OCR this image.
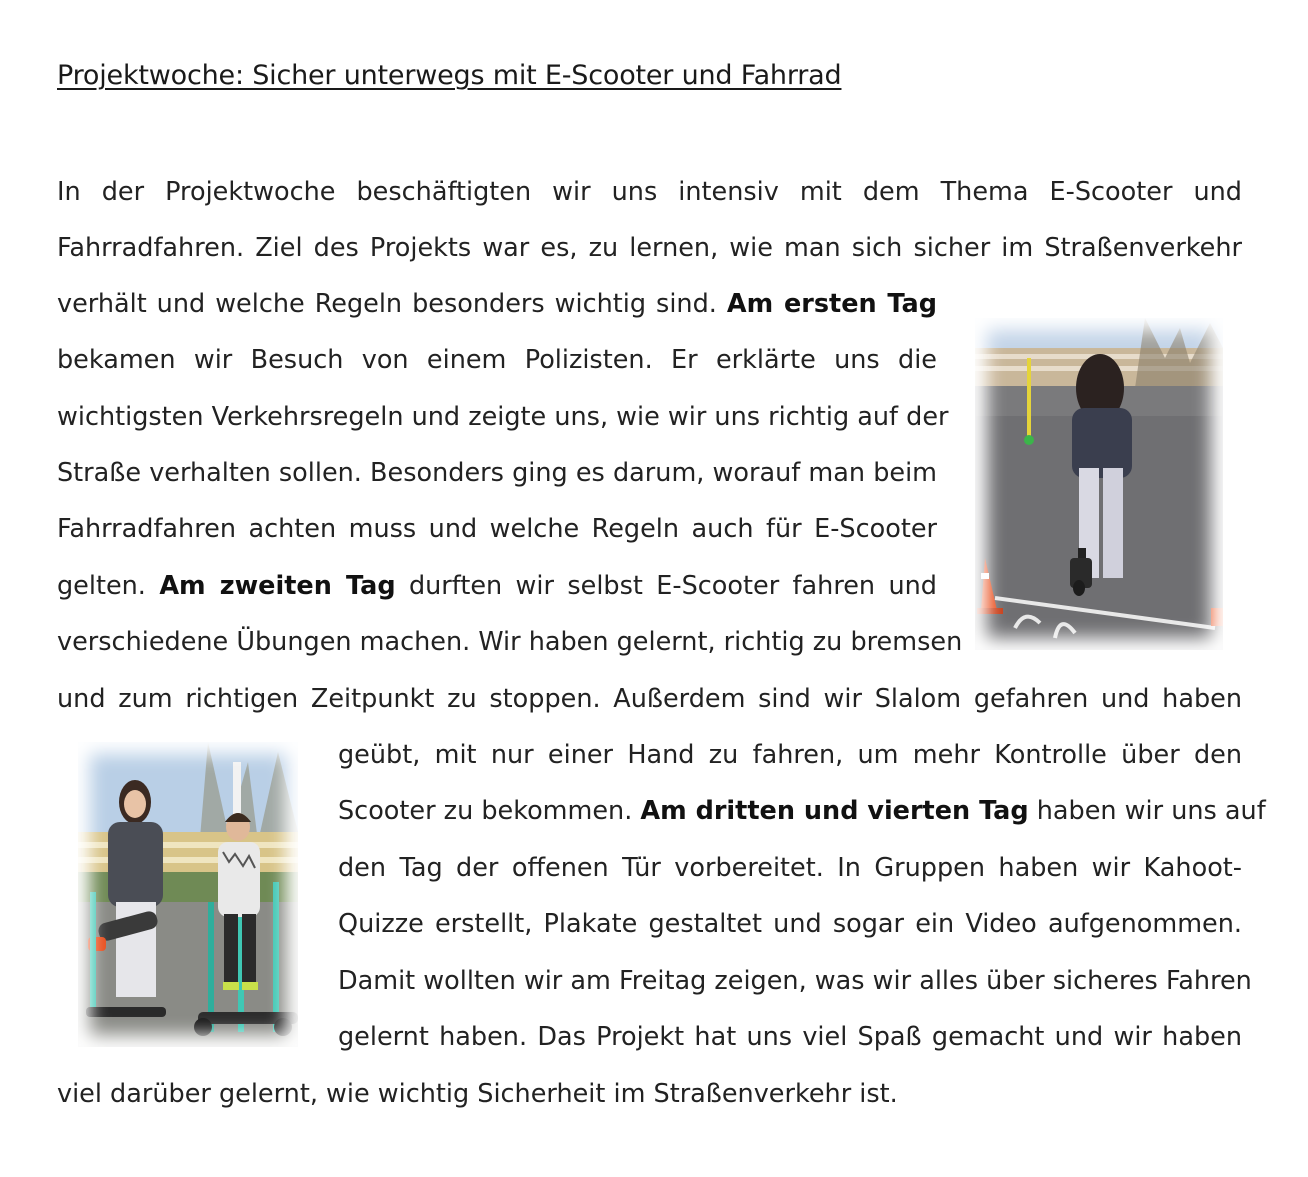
Projektwoche: Sicher unterwegs mit E-Scooter und Fahrrad
In der Projektwoche beschäftigten wir uns intensiv mit dem Thema E-Scooter und
Fahrradfahren. Ziel des Projekts war es, zu lernen, wie man sich sicher im Straßenverkehr
verhält und welche Regeln besonders wichtig sind. Am ersten Tag
bekamen wir Besuch von einem Polizisten. Er erklärte uns die
wichtigsten Verkehrsregeln und zeigte uns, wie wir uns richtig auf der
Straße verhalten sollen. Besonders ging es darum, worauf man beim
Fahrradfahren achten muss und welche Regeln auch für E-Scooter
gelten. Am zweiten Tag durften wir selbst E-Scooter fahren und
verschiedene Übungen machen. Wir haben gelernt, richtig zu bremsen
und zum richtigen Zeitpunkt zu stoppen. Außerdem sind wir Slalom gefahren und haben
geübt, mit nur einer Hand zu fahren, um mehr Kontrolle über den
Scooter zu bekommen. Am dritten und vierten Tag haben wir uns auf
den Tag der offenen Tür vorbereitet. In Gruppen haben wir Kahoot-
Quizze erstellt, Plakate gestaltet und sogar ein Video aufgenommen.
Damit wollten wir am Freitag zeigen, was wir alles über sicheres Fahren
gelernt haben. Das Projekt hat uns viel Spaß gemacht und wir haben
viel darüber gelernt, wie wichtig Sicherheit im Straßenverkehr ist.
